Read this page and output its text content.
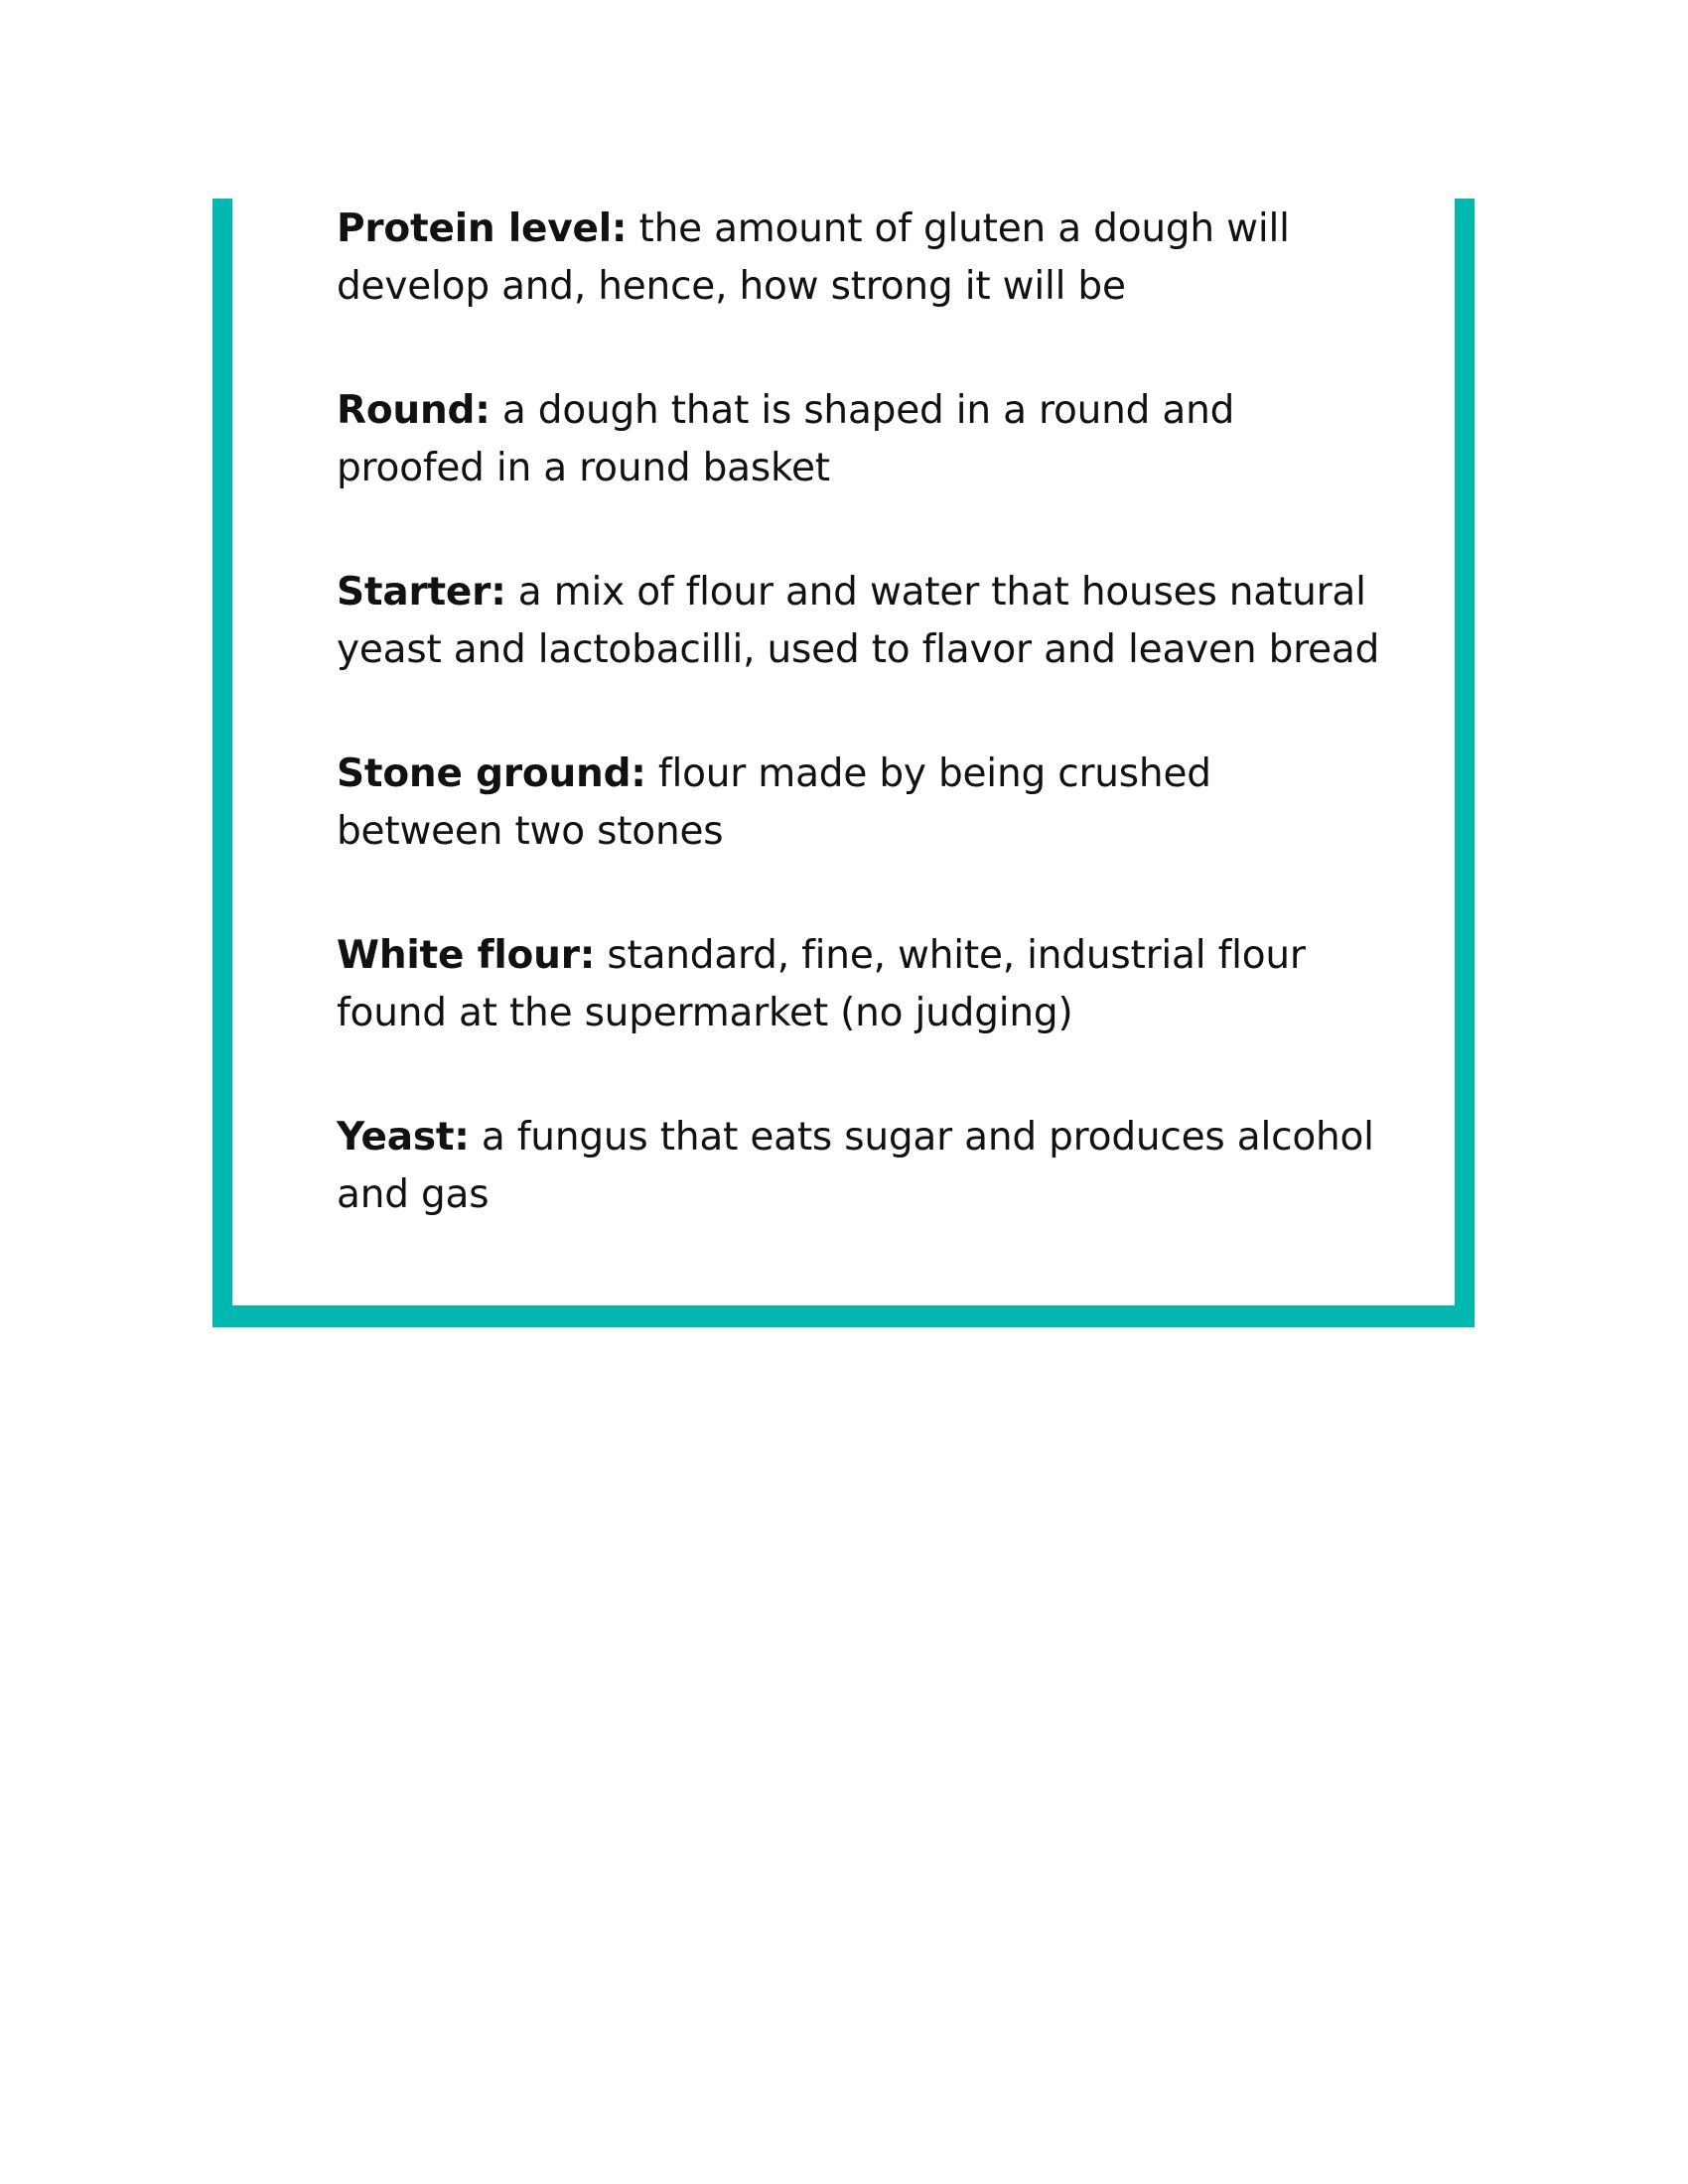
Protein level: the amount of gluten a dough will develop and, hence, how strong it will be

Round: a dough that is shaped in a round and proofed in a round basket

Starter: a mix of flour and water that houses natural yeast and lactobacilli, used to flavor and leaven bread

Stone ground: flour made by being crushed between two stones

White flour: standard, fine, white, industrial flour found at the supermarket (no judging)

Yeast: a fungus that eats sugar and produces alcohol and gas
